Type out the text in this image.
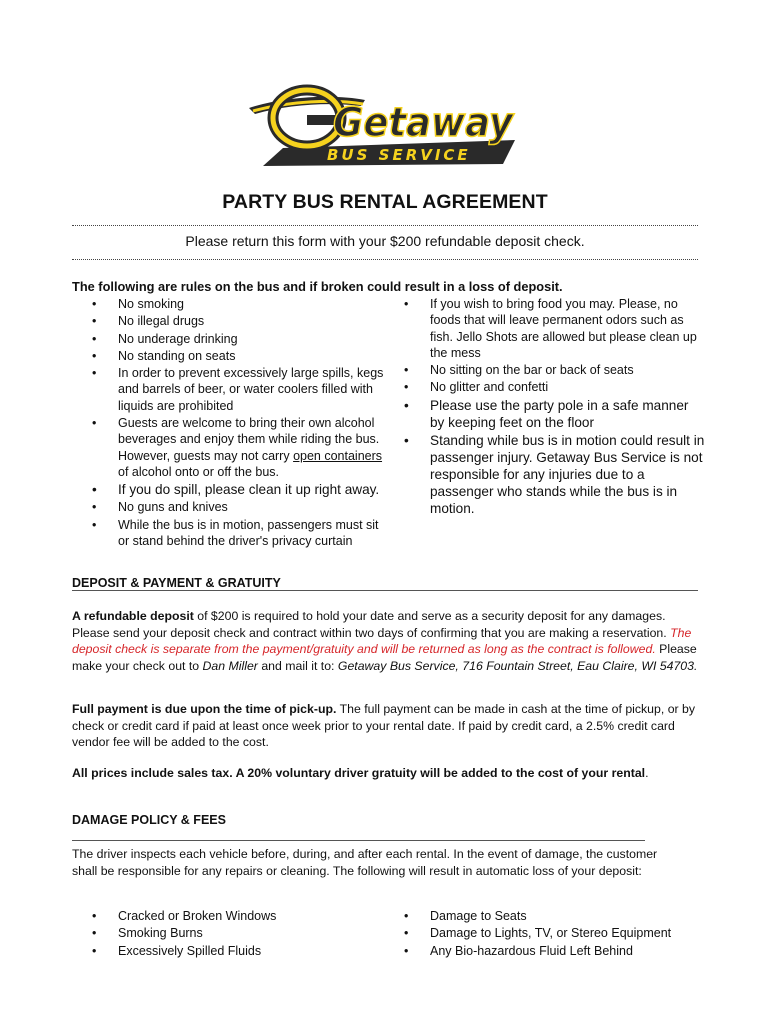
Getaway
BUS SERVICE
PARTY BUS RENTAL AGREEMENT
Please return this form with your $200 refundable deposit check.
The following are rules on the bus and if broken could result in a loss of deposit.
• No smoking
• No illegal drugs
• No underage drinking
• No standing on seats
• In order to prevent excessively large spills, kegs and barrels of beer, or water coolers filled with liquids are prohibited
• Guests are welcome to bring their own alcohol beverages and enjoy them while riding the bus. However, guests may not carry open containers of alcohol onto or off the bus.
• If you do spill, please clean it up right away.
• No guns and knives
• While the bus is in motion, passengers must sit or stand behind the driver's privacy curtain
• If you wish to bring food you may. Please, no foods that will leave permanent odors such as fish. Jello Shots are allowed but please clean up the mess
• No sitting on the bar or back of seats
• No glitter and confetti
• Please use the party pole in a safe manner by keeping feet on the floor
• Standing while bus is in motion could result in passenger injury. Getaway Bus Service is not responsible for any injuries due to a passenger who stands while the bus is in motion.
DEPOSIT & PAYMENT & GRATUITY
A refundable deposit of $200 is required to hold your date and serve as a security deposit for any damages. Please send your deposit check and contract within two days of confirming that you are making a reservation. The deposit check is separate from the payment/gratuity and will be returned as long as the contract is followed. Please make your check out to Dan Miller and mail it to: Getaway Bus Service, 716 Fountain Street, Eau Claire, WI 54703.
Full payment is due upon the time of pick-up. The full payment can be made in cash at the time of pickup, or by check or credit card if paid at least once week prior to your rental date. If paid by credit card, a 2.5% credit card vendor fee will be added to the cost.
All prices include sales tax. A 20% voluntary driver gratuity will be added to the cost of your rental.
DAMAGE POLICY & FEES
The driver inspects each vehicle before, during, and after each rental. In the event of damage, the customer shall be responsible for any repairs or cleaning. The following will result in automatic loss of your deposit:
• Cracked or Broken Windows
• Smoking Burns
• Excessively Spilled Fluids
• Damage to Seats
• Damage to Lights, TV, or Stereo Equipment
• Any Bio-hazardous Fluid Left Behind
